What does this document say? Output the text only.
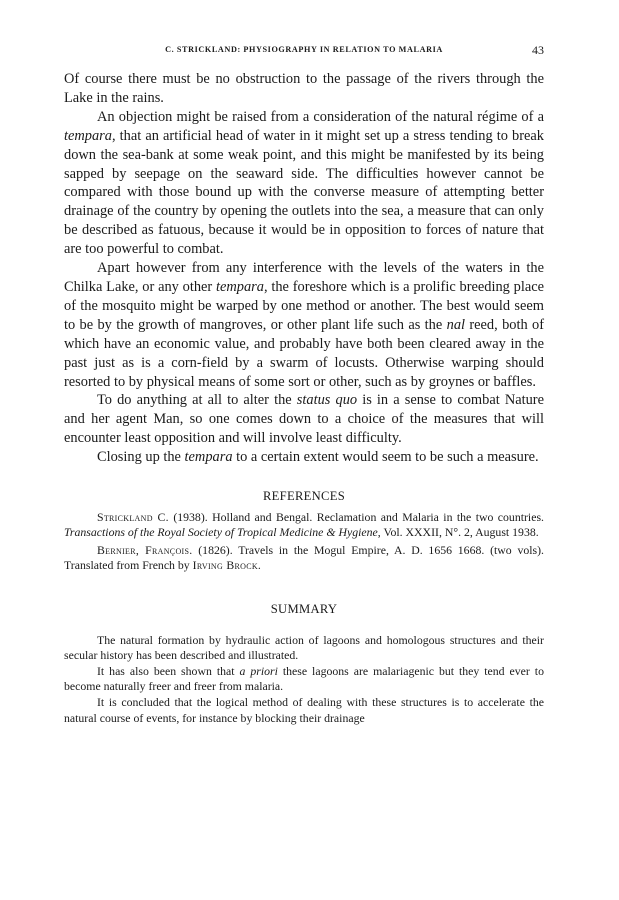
C. STRICKLAND: PHYSIOGRAPHY IN RELATION TO MALARIA	43

Of course there must be no obstruction to the passage of the rivers through the Lake in the rains.

An objection might be raised from a consideration of the natural régime of a tempara, that an artificial head of water in it might set up a stress tending to break down the sea-bank at some weak point, and this might be manifested by its being sapped by seepage on the seaward side. The difficulties however cannot be compared with those bound up with the converse measure of attempting better drainage of the country by opening the outlets into the sea, a measure that can only be described as fatuous, because it would be in opposition to forces of nature that are too powerful to combat.

Apart however from any interference with the levels of the waters in the Chilka Lake, or any other tempara, the foreshore which is a prolific breeding place of the mosquito might be warped by one method or another. The best would seem to be by the growth of mangroves, or other plant life such as the nal reed, both of which have an economic value, and probably have both been cleared away in the past just as is a corn-field by a swarm of locusts. Otherwise warping should resorted to by physical means of some sort or other, such as by groynes or baffles.

To do anything at all to alter the status quo is in a sense to combat Nature and her agent Man, so one comes down to a choice of the measures that will encounter least opposition and will involve least difficulty.

Closing up the tempara to a certain extent would seem to be such a measure.

REFERENCES

Strickland C. (1938). Holland and Bengal. Reclamation and Malaria in the two countries. Transactions of the Royal Society of Tropical Medicine & Hygiene, Vol. XXXII, N°. 2, August 1938.

Bernier, François. (1826). Travels in the Mogul Empire, A. D. 1656 1668. (two vols). Translated from French by Irving Brock.

SUMMARY

The natural formation by hydraulic action of lagoons and homologous structures and their secular history has been described and illustrated.

It has also been shown that a priori these lagoons are malariagenic but they tend ever to become naturally freer and freer from malaria.

It is concluded that the logical method of dealing with these structures is to accelerate the natural course of events, for instance by blocking their drainage
